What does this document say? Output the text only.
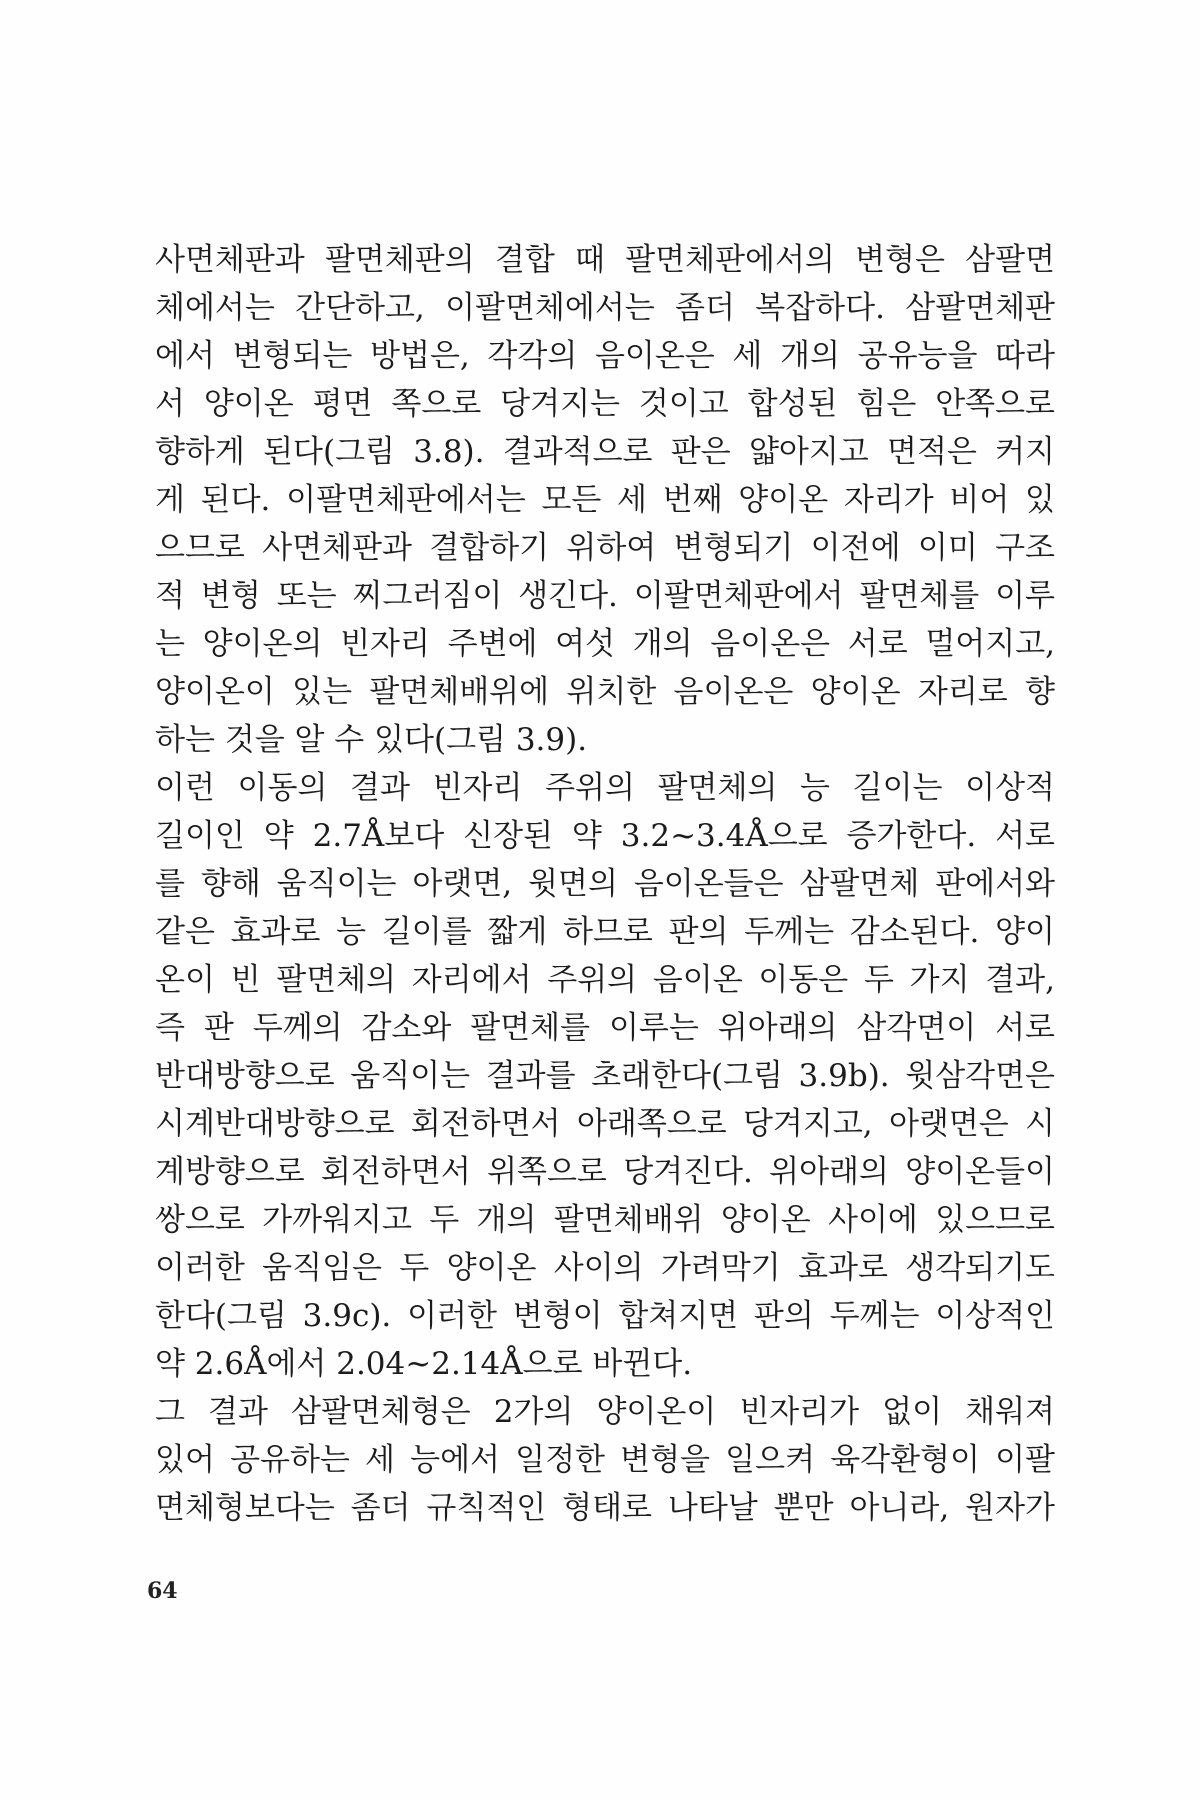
사면체판과 팔면체판의 결합 때 팔면체판에서의 변형은 삼팔면
체에서는 간단하고, 이팔면체에서는 좀더 복잡하다. 삼팔면체판
에서 변형되는 방법은, 각각의 음이온은 세 개의 공유능을 따라
서 양이온 평면 쪽으로 당겨지는 것이고 합성된 힘은 안쪽으로
향하게 된다(그림 3.8). 결과적으로 판은 얇아지고 면적은 커지
게 된다. 이팔면체판에서는 모든 세 번째 양이온 자리가 비어 있
으므로 사면체판과 결합하기 위하여 변형되기 이전에 이미 구조
적 변형 또는 찌그러짐이 생긴다. 이팔면체판에서 팔면체를 이루
는 양이온의 빈자리 주변에 여섯 개의 음이온은 서로 멀어지고,
양이온이 있는 팔면체배위에 위치한 음이온은 양이온 자리로 향
하는 것을 알 수 있다(그림 3.9).
이런 이동의 결과 빈자리 주위의 팔면체의 능 길이는 이상적
길이인 약 2.7Å보다 신장된 약 3.2~3.4Å으로 증가한다. 서로
를 향해 움직이는 아랫면, 윗면의 음이온들은 삼팔면체 판에서와
같은 효과로 능 길이를 짧게 하므로 판의 두께는 감소된다. 양이
온이 빈 팔면체의 자리에서 주위의 음이온 이동은 두 가지 결과,
즉 판 두께의 감소와 팔면체를 이루는 위아래의 삼각면이 서로
반대방향으로 움직이는 결과를 초래한다(그림 3.9b). 윗삼각면은
시계반대방향으로 회전하면서 아래쪽으로 당겨지고, 아랫면은 시
계방향으로 회전하면서 위쪽으로 당겨진다. 위아래의 양이온들이
쌍으로 가까워지고 두 개의 팔면체배위 양이온 사이에 있으므로
이러한 움직임은 두 양이온 사이의 가려막기 효과로 생각되기도
한다(그림 3.9c). 이러한 변형이 합쳐지면 판의 두께는 이상적인
약 2.6Å에서 2.04~2.14Å으로 바뀐다.
그 결과 삼팔면체형은 2가의 양이온이 빈자리가 없이 채워져
있어 공유하는 세 능에서 일정한 변형을 일으켜 육각환형이 이팔
면체형보다는 좀더 규칙적인 형태로 나타날 뿐만 아니라, 원자가
64
